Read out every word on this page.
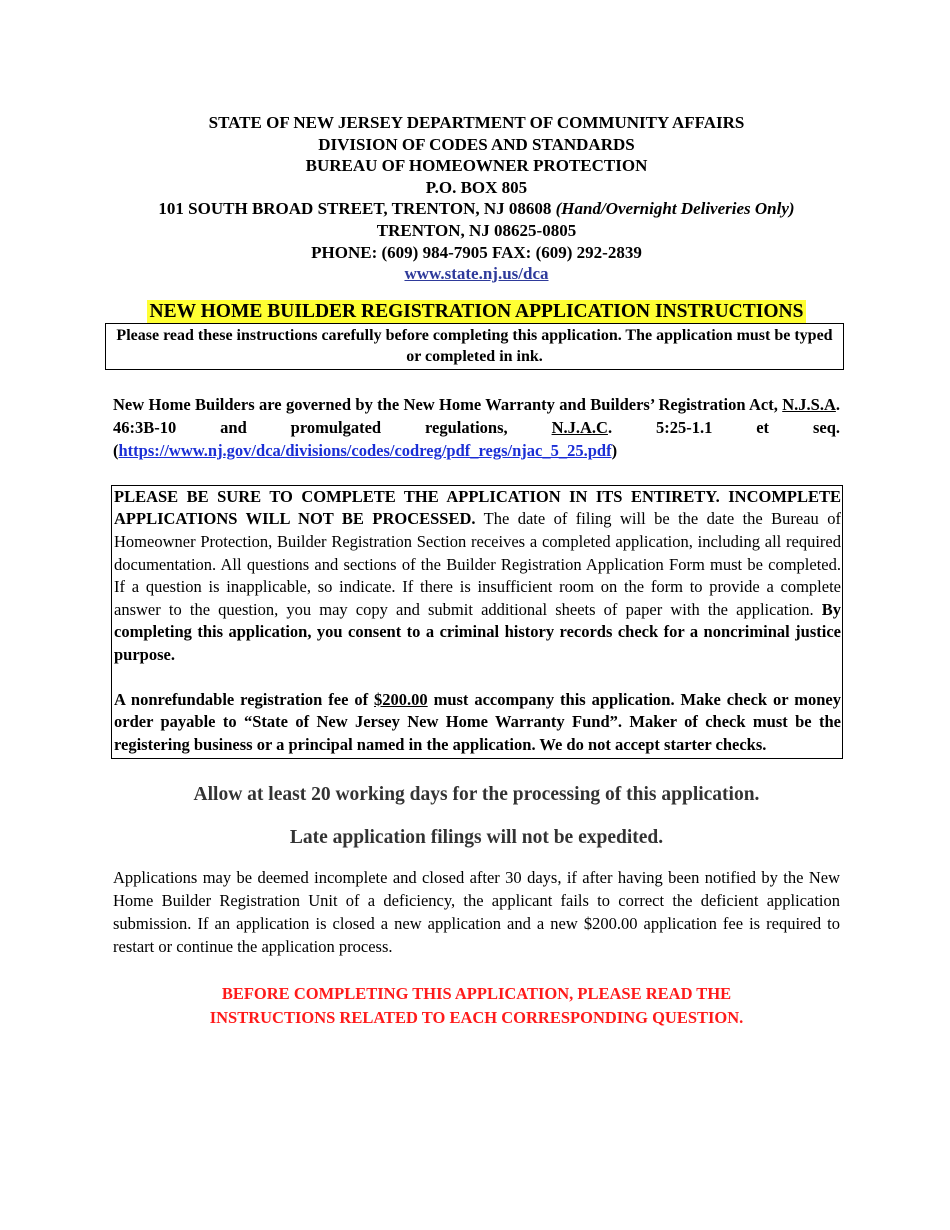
STATE OF NEW JERSEY DEPARTMENT OF COMMUNITY AFFAIRS
DIVISION OF CODES AND STANDARDS
BUREAU OF HOMEOWNER PROTECTION
P.O. BOX 805
101 SOUTH BROAD STREET, TRENTON, NJ 08608 (Hand/Overnight Deliveries Only)
TRENTON, NJ 08625-0805
PHONE: (609) 984-7905 FAX: (609) 292-2839
www.state.nj.us/dca
NEW HOME BUILDER REGISTRATION APPLICATION INSTRUCTIONS
Please read these instructions carefully before completing this application. The application must be typed or completed in ink.
New Home Builders are governed by the New Home Warranty and Builders’ Registration Act, N.J.S.A. 46:3B-10 and promulgated regulations, N.J.A.C. 5:25-1.1 et seq. (https://www.nj.gov/dca/divisions/codes/codreg/pdf_regs/njac_5_25.pdf)

PLEASE BE SURE TO COMPLETE THE APPLICATION IN ITS ENTIRETY. INCOMPLETE APPLICATIONS WILL NOT BE PROCESSED. The date of filing will be the date the Bureau of Homeowner Protection, Builder Registration Section receives a completed application, including all required documentation. All questions and sections of the Builder Registration Application Form must be completed. If a question is inapplicable, so indicate. If there is insufficient room on the form to provide a complete answer to the question, you may copy and submit additional sheets of paper with the application. By completing this application, you consent to a criminal history records check for a noncriminal justice purpose.

A nonrefundable registration fee of $200.00 must accompany this application. Make check or money order payable to “State of New Jersey New Home Warranty Fund”. Maker of check must be the registering business or a principal named in the application. We do not accept starter checks.

Allow at least 20 working days for the processing of this application.
Late application filings will not be expedited.
Applications may be deemed incomplete and closed after 30 days, if after having been notified by the New Home Builder Registration Unit of a deficiency, the applicant fails to correct the deficient application submission. If an application is closed a new application and a new $200.00 application fee is required to restart or continue the application process.
BEFORE COMPLETING THIS APPLICATION, PLEASE READ THE
INSTRUCTIONS RELATED TO EACH CORRESPONDING QUESTION.
